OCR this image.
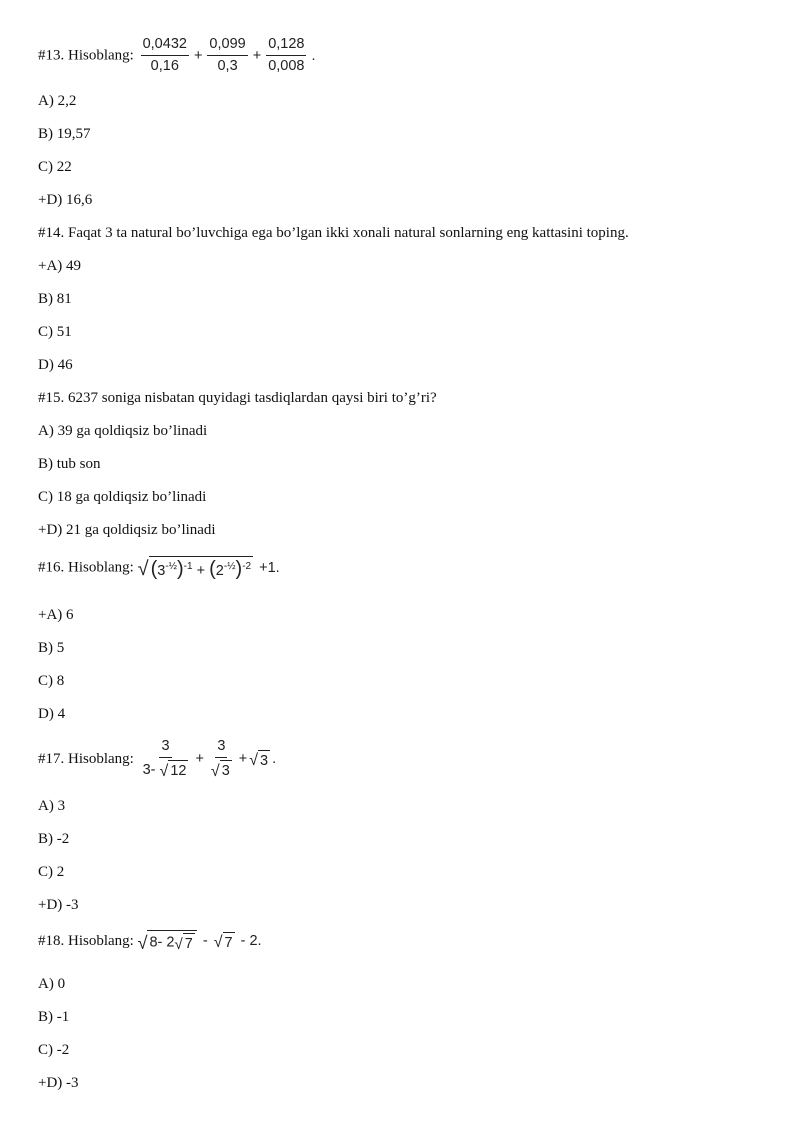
#13. Hisoblang: $\frac{0,0432}{0,16} + \frac{0,099}{0,3} + \frac{0,128}{0,008}$ .
A) 2,2
B) 19,57
C) 22
+D) 16,6
#14. Faqat 3 ta natural bo’luvchiga ega bo’lgan ikki xonali natural sonlarning eng kattasini toping.
+A) 49
B) 81
C) 51
D) 46
#15. 6237 soniga nisbatan quyidagi tasdiqlardan qaysi biri to’g’ri?
A) 39 ga qoldiqsiz bo’linadi
B) tub son
C) 18 ga qoldiqsiz bo’linadi
+D) 21 ga qoldiqsiz bo’linadi
#16. Hisoblang: √ $(3^{-\frac{1}{2}})^{-1} + (2^{-\frac{1}{2}})^{-2} +1$.
+A) 6
B) 5
C) 8
D) 4
#17. Hisoblang: $\frac{3}{3- √ 12} + \frac{3}{√ 3}$ + √ 3 .
A) 3
B) -2
C) 2
+D) -3
#18. Hisoblang: √ 8- 2√ 7 - √ 7 - 2.
A) 0
B) -1
C) -2
+D) -3
